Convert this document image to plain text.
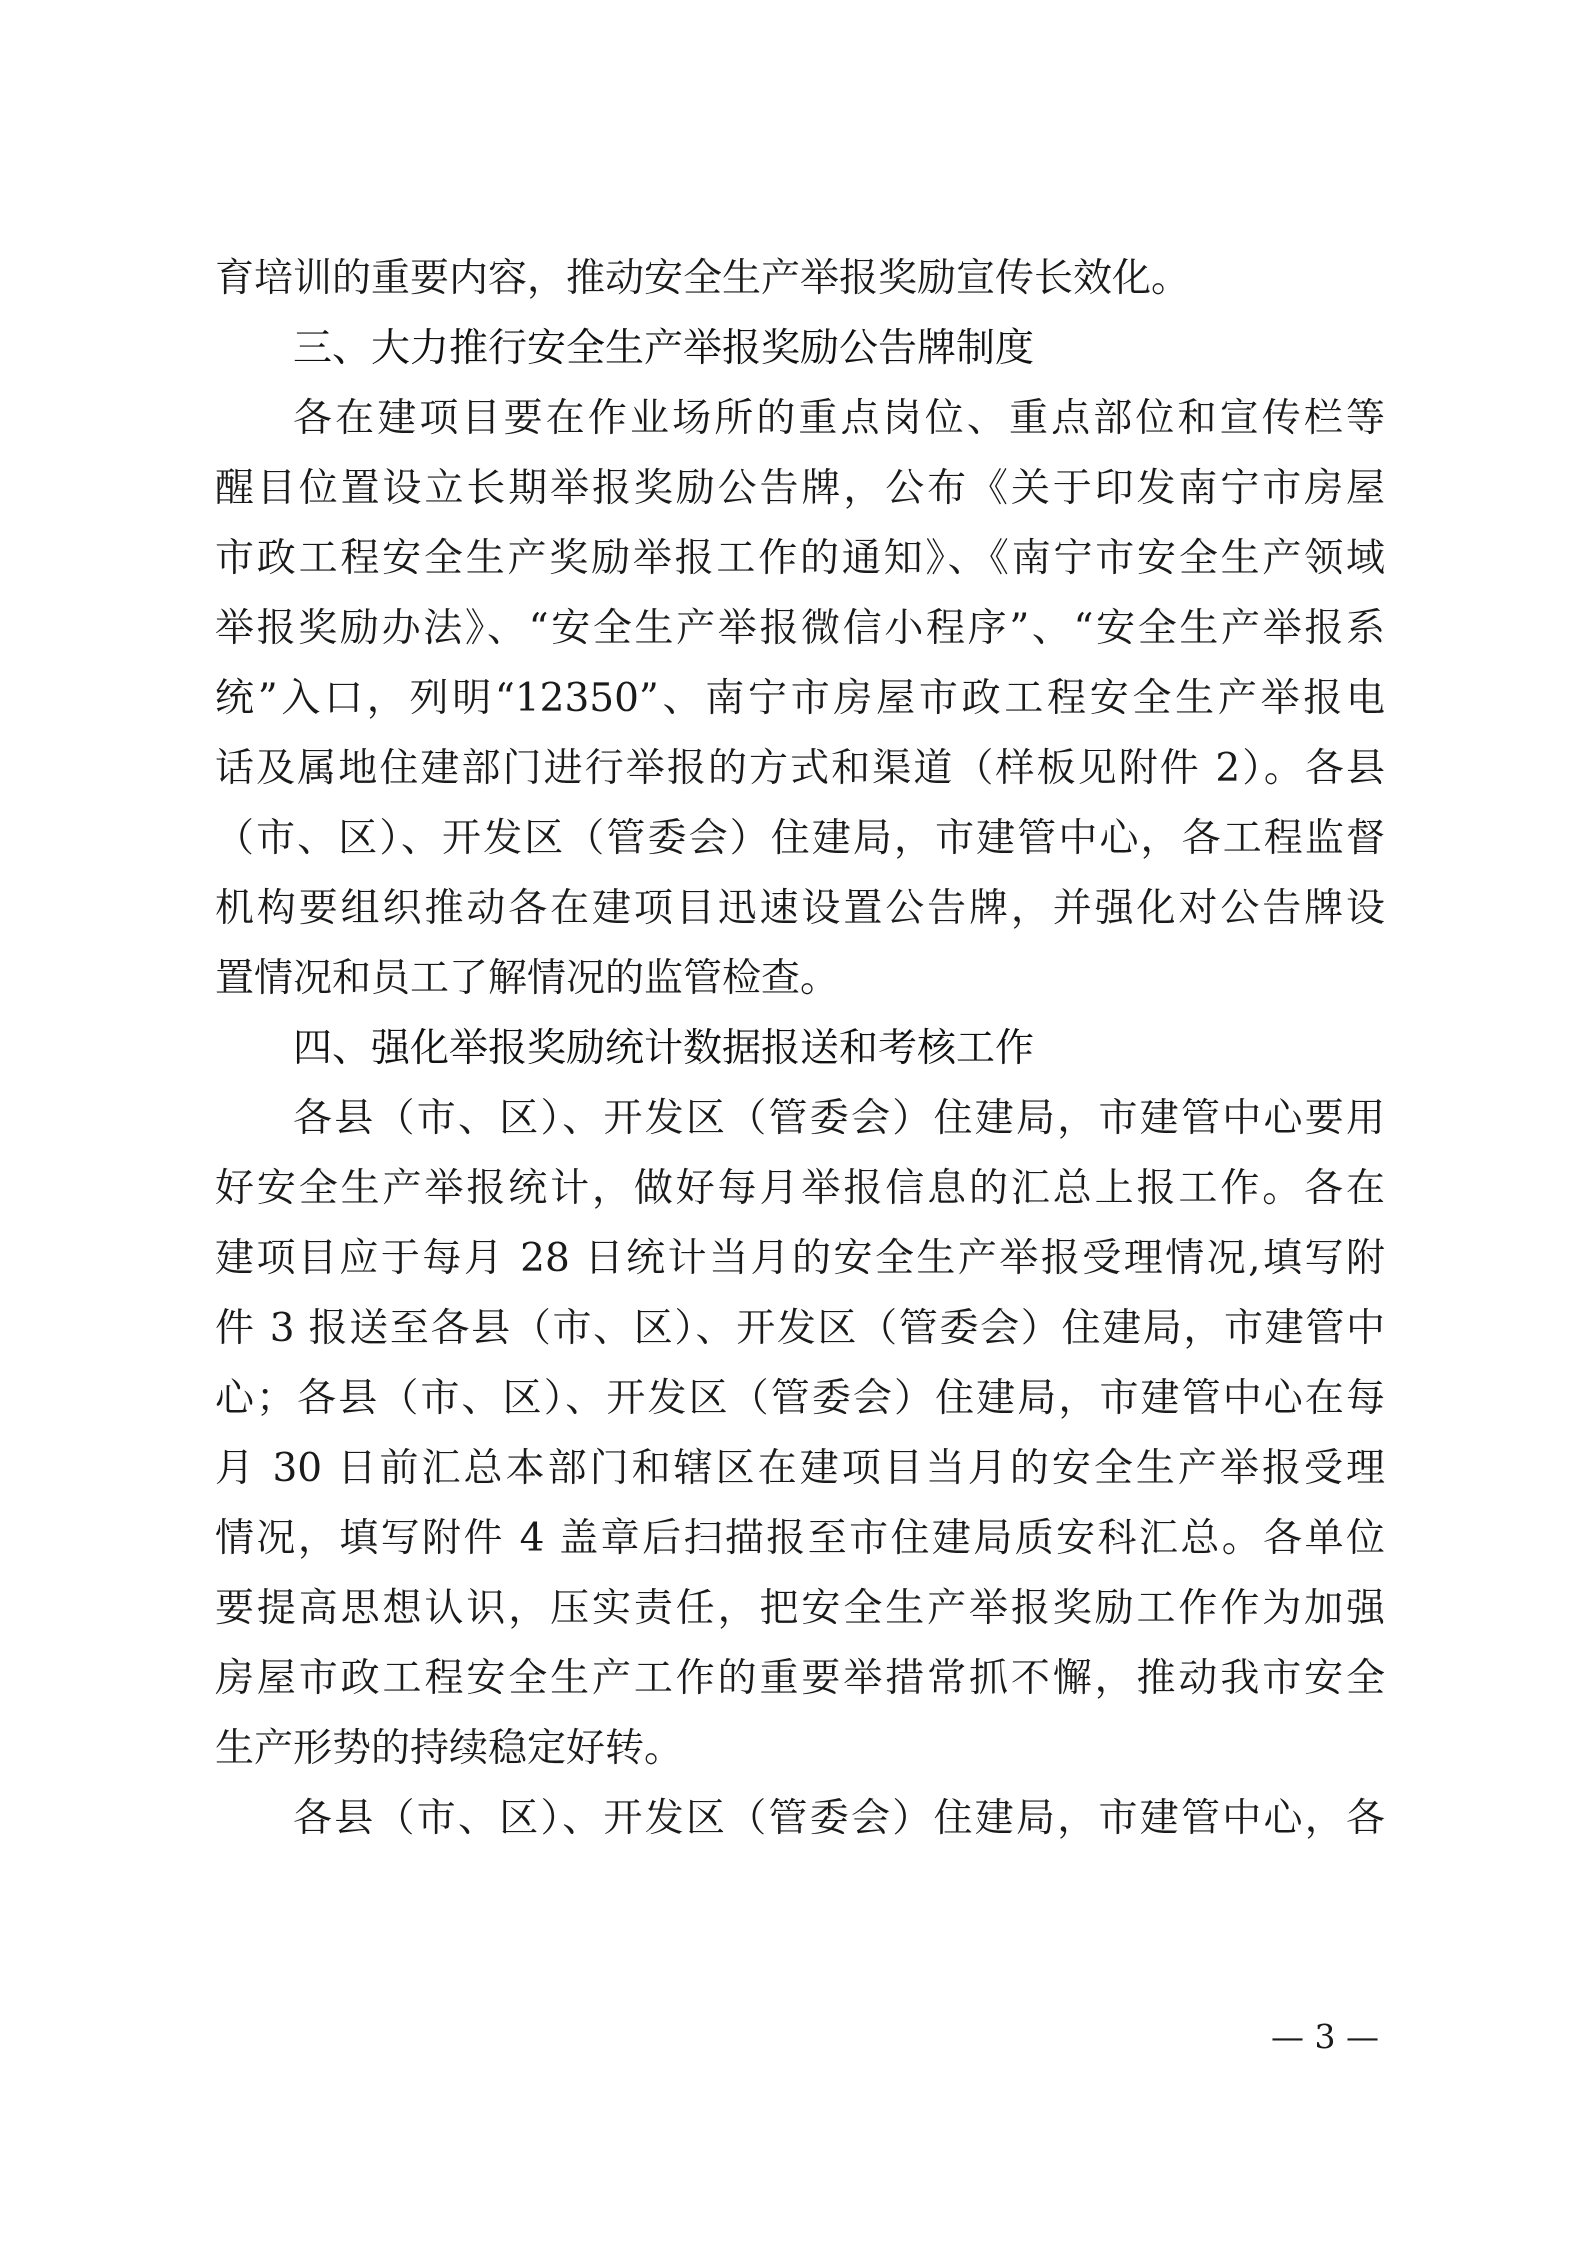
育培训的重要内容，推动安全生产举报奖励宣传长效化。
三、大力推行安全生产举报奖励公告牌制度
各在建项目要在作业场所的重点岗位、重点部位和宣传栏等
醒目位置设立长期举报奖励公告牌，公布《关于印发南宁市房屋
市政工程安全生产奖励举报工作的通知》、《南宁市安全生产领域
举报奖励办法》、“安全生产举报微信小程序”、“安全生产举报系
统”入口，列明“12350”、南宁市房屋市政工程安全生产举报电
话及属地住建部门进行举报的方式和渠道（样板见附件 2）。各县
（市、区）、开发区（管委会）住建局，市建管中心，各工程监督
机构要组织推动各在建项目迅速设置公告牌，并强化对公告牌设
置情况和员工了解情况的监管检查。
四、强化举报奖励统计数据报送和考核工作
各县（市、区）、开发区（管委会）住建局，市建管中心要用
好安全生产举报统计，做好每月举报信息的汇总上报工作。各在
建项目应于每月 28 日统计当月的安全生产举报受理情况,填写附
件 3 报送至各县（市、区）、开发区（管委会）住建局，市建管中
心；各县（市、区）、开发区（管委会）住建局，市建管中心在每
月 30 日前汇总本部门和辖区在建项目当月的安全生产举报受理
情况，填写附件 4 盖章后扫描报至市住建局质安科汇总。各单位
要提高思想认识，压实责任，把安全生产举报奖励工作作为加强
房屋市政工程安全生产工作的重要举措常抓不懈，推动我市安全
生产形势的持续稳定好转。
各县（市、区）、开发区（管委会）住建局，市建管中心，各
— 3 —
